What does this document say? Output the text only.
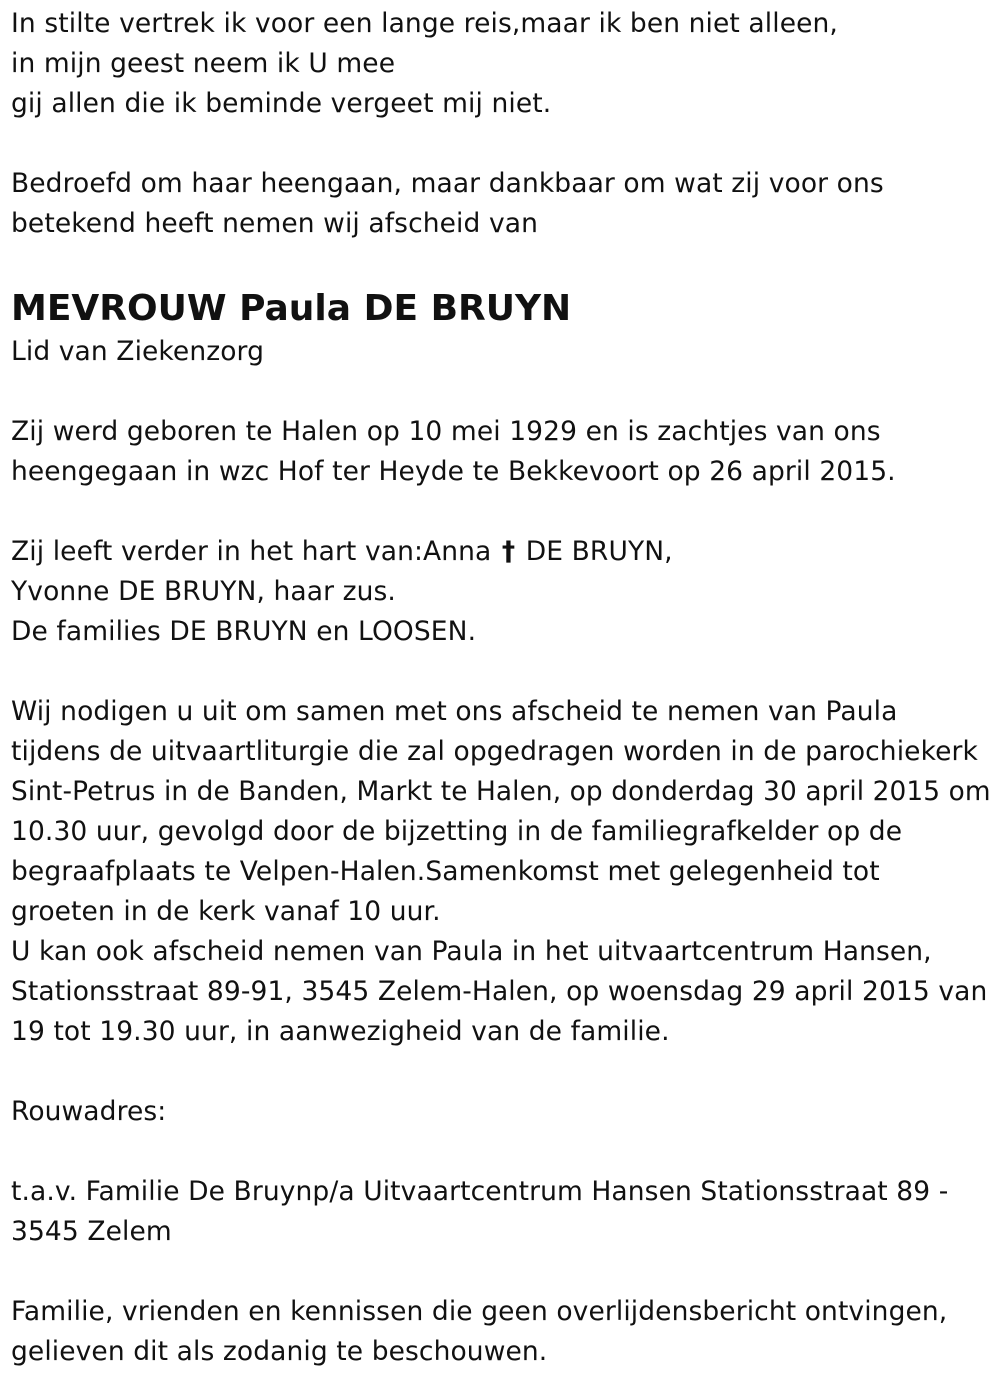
In stilte vertrek ik voor een lange reis,maar ik ben niet alleen,
in mijn geest neem ik U mee
gij allen die ik beminde vergeet mij niet.
Bedroefd om haar heengaan, maar dankbaar om wat zij voor ons
betekend heeft nemen wij afscheid van
MEVROUW Paula DE BRUYN
Lid van Ziekenzorg
Zij werd geboren te Halen op 10 mei 1929 en is zachtjes van ons
heengegaan in wzc Hof ter Heyde te Bekkevoort op 26 april 2015.
Zij leeft verder in het hart van:Anna † DE BRUYN,
Yvonne DE BRUYN, haar zus.
De families DE BRUYN en LOOSEN.
Wij nodigen u uit om samen met ons afscheid te nemen van Paula
tijdens de uitvaartliturgie die zal opgedragen worden in de parochiekerk
Sint-Petrus in de Banden, Markt te Halen, op donderdag 30 april 2015 om
10.30 uur, gevolgd door de bijzetting in de familiegrafkelder op de
begraafplaats te Velpen-Halen.Samenkomst met gelegenheid tot
groeten in de kerk vanaf 10 uur.
U kan ook afscheid nemen van Paula in het uitvaartcentrum Hansen,
Stationsstraat 89-91, 3545 Zelem-Halen, op woensdag 29 april 2015 van
19 tot 19.30 uur, in aanwezigheid van de familie.
Rouwadres:
t.a.v. Familie De Bruynp/a Uitvaartcentrum Hansen Stationsstraat 89 -
3545 Zelem
Familie, vrienden en kennissen die geen overlijdensbericht ontvingen,
gelieven dit als zodanig te beschouwen.
